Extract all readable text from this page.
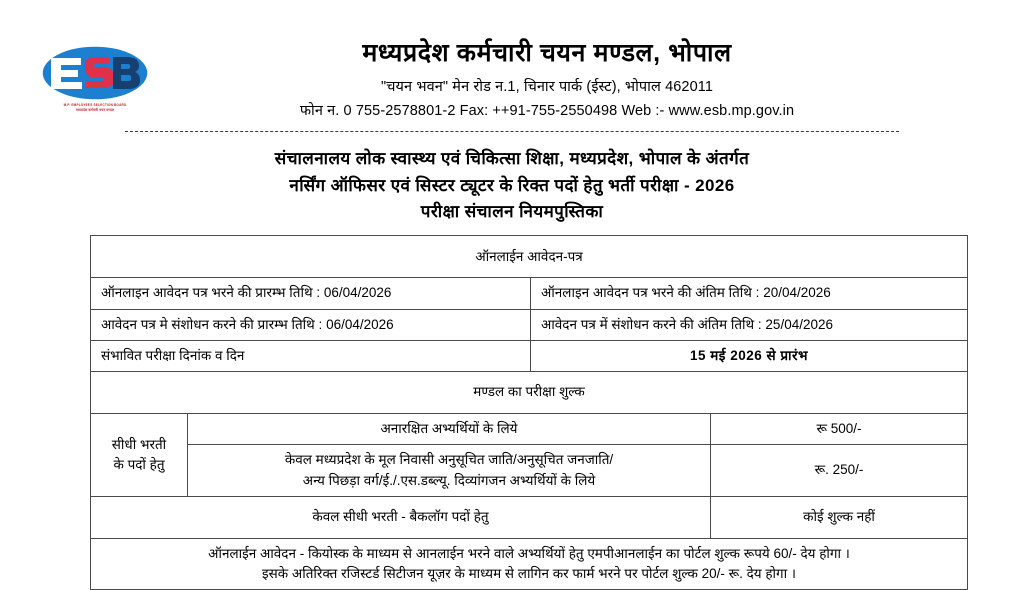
M.P. EMPLOYEES SELECTION BOARD
मध्यप्रदेश कर्मचारी चयन मण्डल
मध्यप्रदेश कर्मचारी चयन मण्डल, भोपाल
"चयन भवन" मेन रोड न.1, चिनार पार्क (ईस्ट), भोपाल 462011
फोन न. 0 755-2578801-2 Fax: ++91-755-2550498 Web :- www.esb.mp.gov.in
संचालनालय लोक स्वास्थ्य एवं चिकित्सा शिक्षा, मध्यप्रदेश, भोपाल के अंतर्गत
नर्सिंग ऑफिसर एवं सिस्टर ट्यूटर के रिक्त पदों हेतु भर्ती परीक्षा - 2026
परीक्षा संचालन नियमपुस्तिका
ऑनलाईन आवेदन-पत्र			
ऑनलाइन आवेदन पत्र भरने की प्रारम्भ तिथि : 06/04/2026		ऑनलाइन आवेदन पत्र भरने की अंतिम तिथि : 20/04/2026	
आवेदन पत्र मे संशोधन करने की प्रारम्भ तिथि : 06/04/2026		आवेदन पत्र में संशोधन करने की अंतिम तिथि : 25/04/2026	
संभावित परीक्षा दिनांक व दिन		15 मई 2026 से प्रारंभ	
मण्डल का परीक्षा शुल्क			

सीधी भरती
के पदों हेतु	अनारक्षित अभ्यर्थियों के लिये		रू 500/-

	केवल मध्यप्रदेश के मूल निवासी अनुसूचित जाति/अनुसूचित जनजाति/
अन्य पिछड़ा वर्ग/ई./.एस.डब्ल्यू. दिव्यांगजन अभ्यर्थियों के लिये		रू. 250/-
केवल सीधी भरती - बैकलॉग पदों हेतु			कोई शुल्क नहीं

ऑनलाईन आवेदन - कियोस्क के माध्यम से आनलाईन भरने वाले अभ्यर्थियों हेतु एमपीआनलाईन का पोर्टल शुल्क रूपये 60/- देय होगा ।
इसके अतिरिक्त रजिस्टर्ड सिटीजन यूज़र के माध्यम से लागिन कर फार्म भरने पर पोर्टल शुल्क 20/- रू. देय होगा ।			
